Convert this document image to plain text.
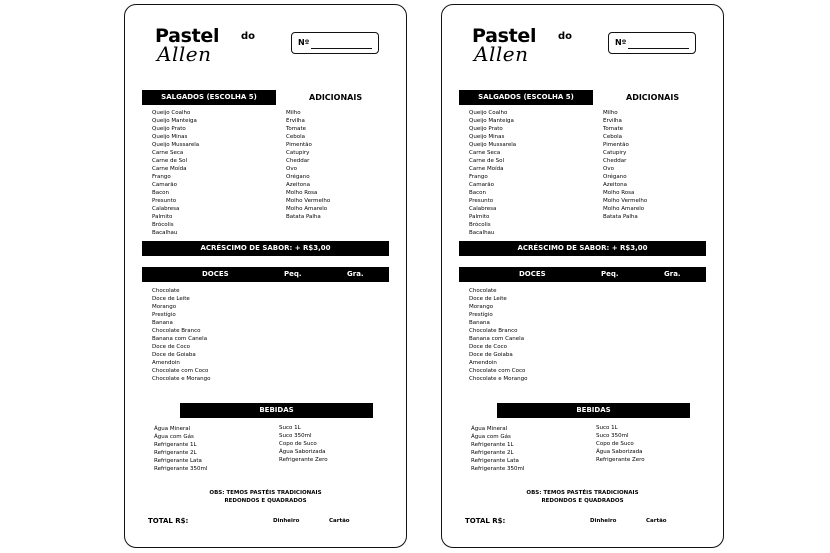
Pastel
Allen
do
Nº
SALGADOS (ESCOLHA 5)	ADICIONAIS
Queijo Coalho
Queijo Manteiga
Queijo Prato
Queijo Minas
Queijo Mussarela
Carne Seca
Carne de Sol
Carne Moída
Frango
Camarão
Bacon
Presunto
Calabresa
Palmito
Brócolis
Bacalhau
Milho
Ervilha
Tomate
Cebola
Pimentão
Catupiry
Cheddar
Ovo
Orégano
Azeitona
Molho Rosa
Molho Vermelho
Molho Amarelo
Batata Palha
ACRÉSCIMO DE SABOR: + R$3,00
DOCES	Peq.	Gra.
Chocolate
Doce de Leite
Morango
Prestígio
Banana
Chocolate Branco
Banana com Canela
Doce de Coco
Doce de Goiaba
Amendoin
Chocolate com Coco
Chocolate e Morango
BEBIDAS
Água Mineral
Água com Gás
Refrigerante 1L
Refrigerante 2L
Refrigerante Lata
Refrigerante 350ml
Suco 1L
Suco 350ml
Copo de Suco
Água Saborizada
Refrigerante Zero
OBS: TEMOS PASTÉIS TRADICIONAIS
REDONDOS E QUADRADOS
TOTAL R$:	Dinheiro	Cartão
Pastel
Allen
do
Nº
SALGADOS (ESCOLHA 5)	ADICIONAIS
Queijo Coalho
Queijo Manteiga
Queijo Prato
Queijo Minas
Queijo Mussarela
Carne Seca
Carne de Sol
Carne Moída
Frango
Camarão
Bacon
Presunto
Calabresa
Palmito
Brócolis
Bacalhau
Milho
Ervilha
Tomate
Cebola
Pimentão
Catupiry
Cheddar
Ovo
Orégano
Azeitona
Molho Rosa
Molho Vermelho
Molho Amarelo
Batata Palha
ACRÉSCIMO DE SABOR: + R$3,00
DOCES	Peq.	Gra.
Chocolate
Doce de Leite
Morango
Prestígio
Banana
Chocolate Branco
Banana com Canela
Doce de Coco
Doce de Goiaba
Amendoin
Chocolate com Coco
Chocolate e Morango
BEBIDAS
Água Mineral
Água com Gás
Refrigerante 1L
Refrigerante 2L
Refrigerante Lata
Refrigerante 350ml
Suco 1L
Suco 350ml
Copo de Suco
Água Saborizada
Refrigerante Zero
OBS: TEMOS PASTÉIS TRADICIONAIS
REDONDOS E QUADRADOS
TOTAL R$:	Dinheiro	Cartão
